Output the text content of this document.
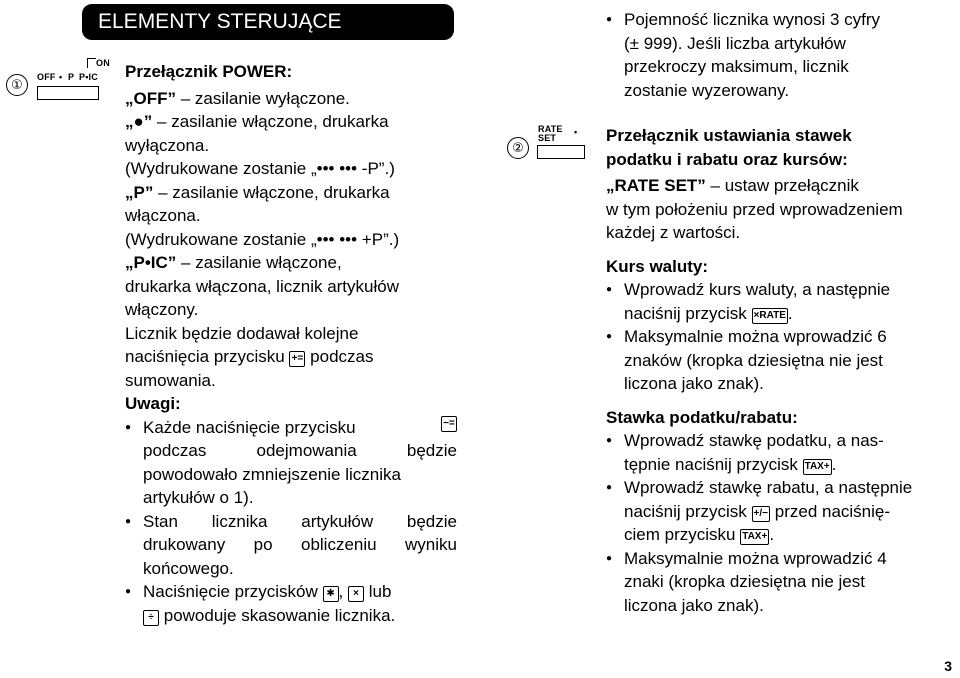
ELEMENTY STERUJĄCE
①
ON
OFF • P P•IC
②
RATE
SET
•
Przełącznik POWER:
„OFF” – zasilanie wyłączone.
„●” – zasilanie włączone, drukarka
wyłączona.
(Wydrukowane zostanie „••• ••• -P”.)
„P” – zasilanie włączone, drukarka
włączona.
(Wydrukowane zostanie „••• ••• +P”.)
„P•IC” – zasilanie włączone,
drukarka włączona, licznik artykułów
włączony.
Licznik będzie dodawał kolejne
naciśnięcia przycisku += podczas
sumowania.
Uwagi:
● Każde naciśnięcie przycisku	−=
podczas	odejmowania	będzie
powodowało zmniejszenie licznika
artykułów o 1).
● Stan licznika artykułów będzie
drukowany po obliczeniu wyniku
końcowego.
● Naciśnięcie przycisków ✱ , × lub
÷ powoduje skasowanie licznika.
● Pojemność licznika wynosi 3 cyfry
(± 999). Jeśli liczba artykułów
przekroczy maksimum, licznik
zostanie wyzerowany.
Przełącznik ustawiania stawek
podatku i rabatu oraz kursów:
„RATE SET” – ustaw przełącznik
w tym położeniu przed wprowadzeniem
każdej z wartości.
Kurs waluty:
● Wprowadź kurs waluty, a następnie
naciśnij przycisk ×RATE .
● Maksymalnie można wprowadzić 6
znaków (kropka dziesiętna nie jest
liczona jako znak).
Stawka podatku/rabatu:
● Wprowadź stawkę podatku, a nas-
tępnie naciśnij przycisk TAX+ .
● Wprowadź stawkę rabatu, a następnie
naciśnij przycisk +/− przed naciśnię-
ciem przycisku TAX+ .
● Maksymalnie można wprowadzić 4
znaki (kropka dziesiętna nie jest
liczona jako znak).
3
